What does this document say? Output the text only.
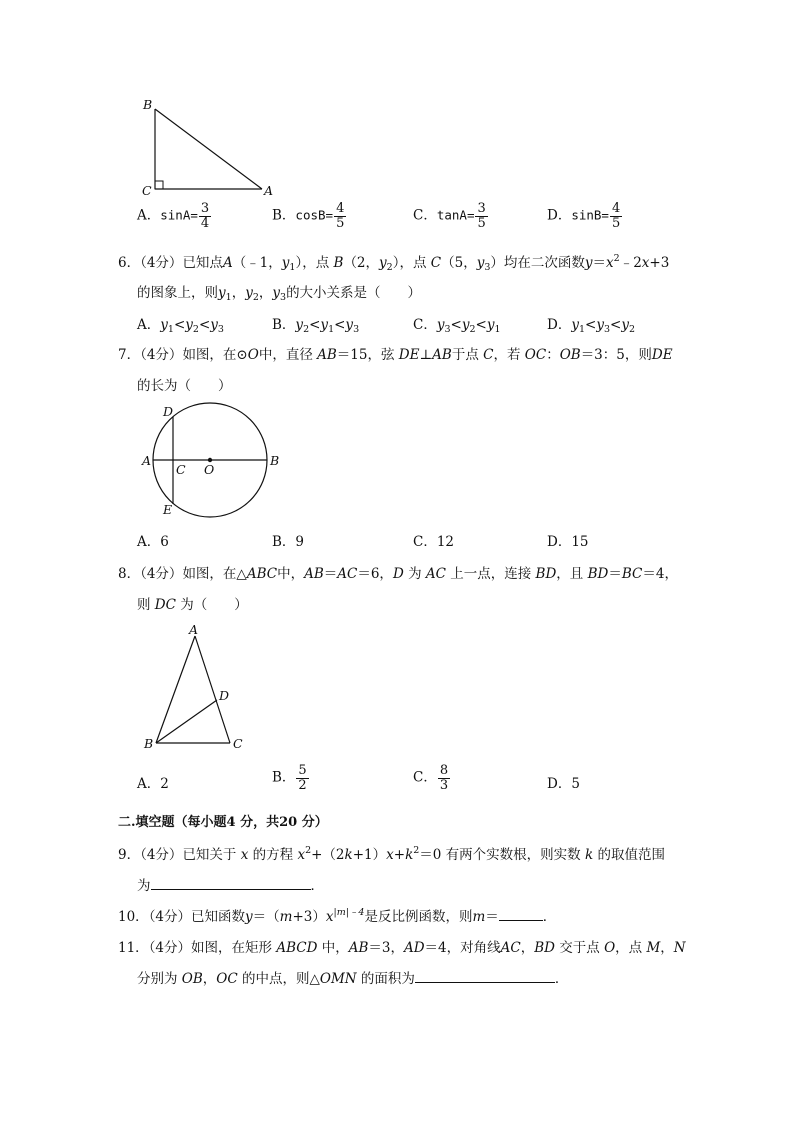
B
C	A
A．$\sin A= \frac{3}{4}$	B．$\cos B= \frac{4}{5}$	C．$\tan A= \frac{3}{5}$	D．$\sin B= \frac{4}{5}$
6．（4分）已知点A（﹣1，$y_1$），点 B（2，$y_2$），点 C（5，$y_3$）均在二次函数$y=x^2﹣2x+3$
的图象上，则$y_1$，$y_2$，$y_3$的大小关系是（　　）
A．$y_1<y_2<y_3$	B．$y_2<y_1<y_3$	C．$y_3<y_2<y_1$	D．$y_1<y_3<y_2$
7．（4分）如图，在⊙O中，直径 AB＝15，弦 DE⊥AB于点 C，若 OC：OB＝3：5，则DE
的长为（　　）
D
A
C O
B
E
A．6	B．9	C．12	D．15
8．（4分）如图，在△ABC中，AB＝AC＝6，D 为 AC 上一点，连接 BD，且 BD＝BC＝4，
则 DC 为（　　）
A
D
B	C
A．2	B． $\frac{5}{2}$	C． $\frac{8}{3}$	D．5
二.填空题（每小题4 分，共20 分）
9．（4分）已知关于 x 的方程 $x^2+(2k+1)x+k^2=0$ 有两个实数根，则实数 k 的取值范围
为	．
10．（4分）已知函数$y=(m+3)x^{|m|﹣4}$是反比例函数，则m＝	．
11．（4分）如图，在矩形 ABCD 中，AB＝3，AD＝4，对角线AC，BD 交于点 O，点 M，N
分别为 OB，OC 的中点，则△OMN 的面积为	．
